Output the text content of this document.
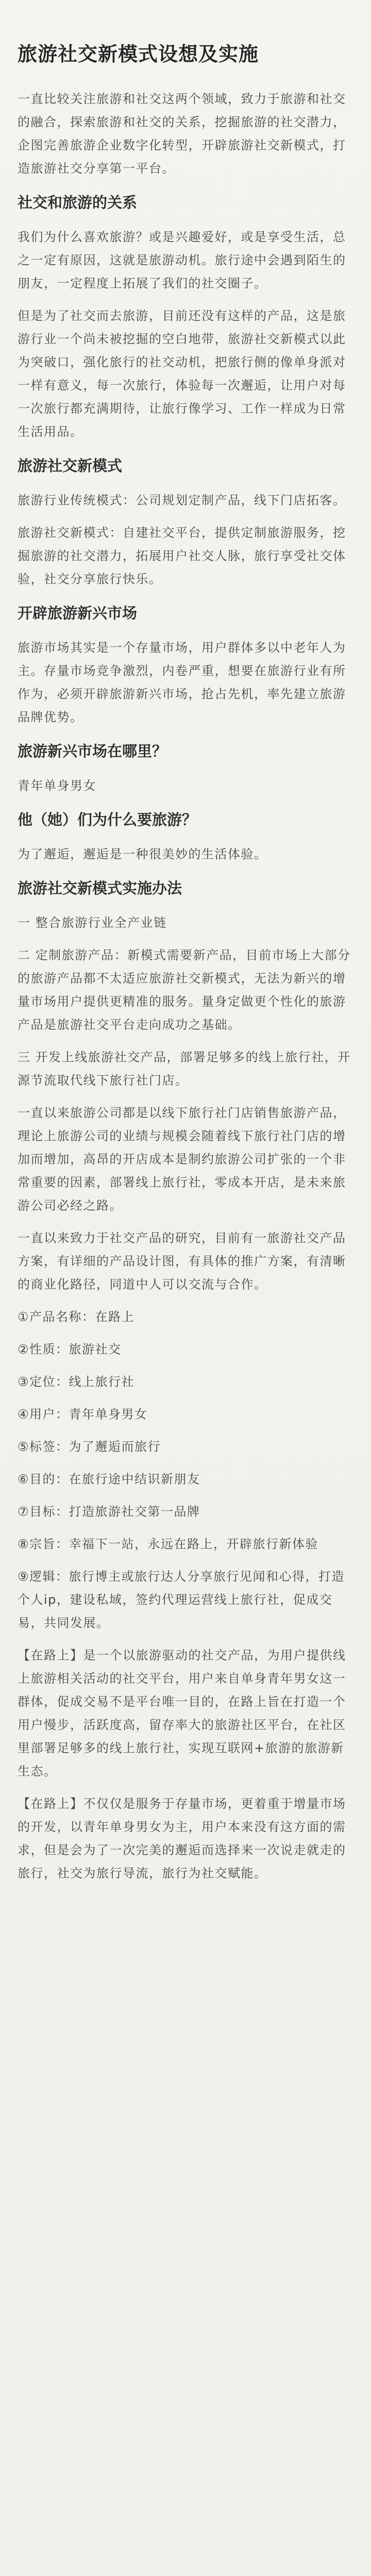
旅游社交新模式设想及实施
一直比较关注旅游和社交这两个领域，致力于旅游和社交的融合，探索旅游和社交的关系，挖掘旅游的社交潜力，企图完善旅游企业数字化转型，开辟旅游社交新模式，打造旅游社交分享第一平台。
社交和旅游的关系
我们为什么喜欢旅游？或是兴趣爱好，或是享受生活，总之一定有原因，这就是旅游动机。旅行途中会遇到陌生的朋友，一定程度上拓展了我们的社交圈子。
但是为了社交而去旅游，目前还没有这样的产品，这是旅游行业一个尚未被挖掘的空白地带，旅游社交新模式以此为突破口，强化旅行的社交动机，把旅行侧的像单身派对一样有意义，每一次旅行，体验每一次邂逅，让用户对每一次旅行都充满期待，让旅行像学习、工作一样成为日常生活用品。
旅游社交新模式
旅游行业传统模式：公司规划定制产品，线下门店拓客。
旅游社交新模式：自建社交平台，提供定制旅游服务，挖掘旅游的社交潜力，拓展用户社交人脉，旅行享受社交体验，社交分享旅行快乐。
开辟旅游新兴市场
旅游市场其实是一个存量市场，用户群体多以中老年人为主。存量市场竞争激烈，内卷严重，想要在旅游行业有所作为，必须开辟旅游新兴市场，抢占先机，率先建立旅游品牌优势。
旅游新兴市场在哪里？
青年单身男女
他（她）们为什么要旅游？
为了邂逅，邂逅是一种很美妙的生活体验。
旅游社交新模式实施办法
一 整合旅游行业全产业链
二 定制旅游产品：新模式需要新产品，目前市场上大部分的旅游产品都不太适应旅游社交新模式，无法为新兴的增量市场用户提供更精准的服务。量身定做更个性化的旅游产品是旅游社交平台走向成功之基础。
三 开发上线旅游社交产品，部署足够多的线上旅行社，开源节流取代线下旅行社门店。
一直以来旅游公司都是以线下旅行社门店销售旅游产品，理论上旅游公司的业绩与规模会随着线下旅行社门店的增加而增加，高昂的开店成本是制约旅游公司扩张的一个非常重要的因素，部署线上旅行社，零成本开店，是未来旅游公司必经之路。
一直以来致力于社交产品的研究，目前有一旅游社交产品方案，有详细的产品设计图，有具体的推广方案，有清晰的商业化路径，同道中人可以交流与合作。
①产品名称：在路上
②性质：旅游社交
③定位：线上旅行社
④用户：青年单身男女
⑤标签：为了邂逅而旅行
⑥目的：在旅行途中结识新朋友
⑦目标：打造旅游社交第一品牌
⑧宗旨：幸福下一站，永远在路上，开辟旅行新体验
⑨逻辑：旅行博主或旅行达人分享旅行见闻和心得，打造个人ip，建设私域，签约代理运营线上旅行社，促成交易，共同发展。
【在路上】是一个以旅游驱动的社交产品，为用户提供线上旅游相关活动的社交平台，用户来自单身青年男女这一群体，促成交易不是平台唯一目的，在路上旨在打造一个用户慢步，活跃度高，留存率大的旅游社区平台，在社区里部署足够多的线上旅行社，实现互联网+旅游的旅游新生态。
【在路上】不仅仅是服务于存量市场，更着重于增量市场的开发，以青年单身男女为主，用户本来没有这方面的需求，但是会为了一次完美的邂逅而选择来一次说走就走的旅行，社交为旅行导流，旅行为社交赋能。
